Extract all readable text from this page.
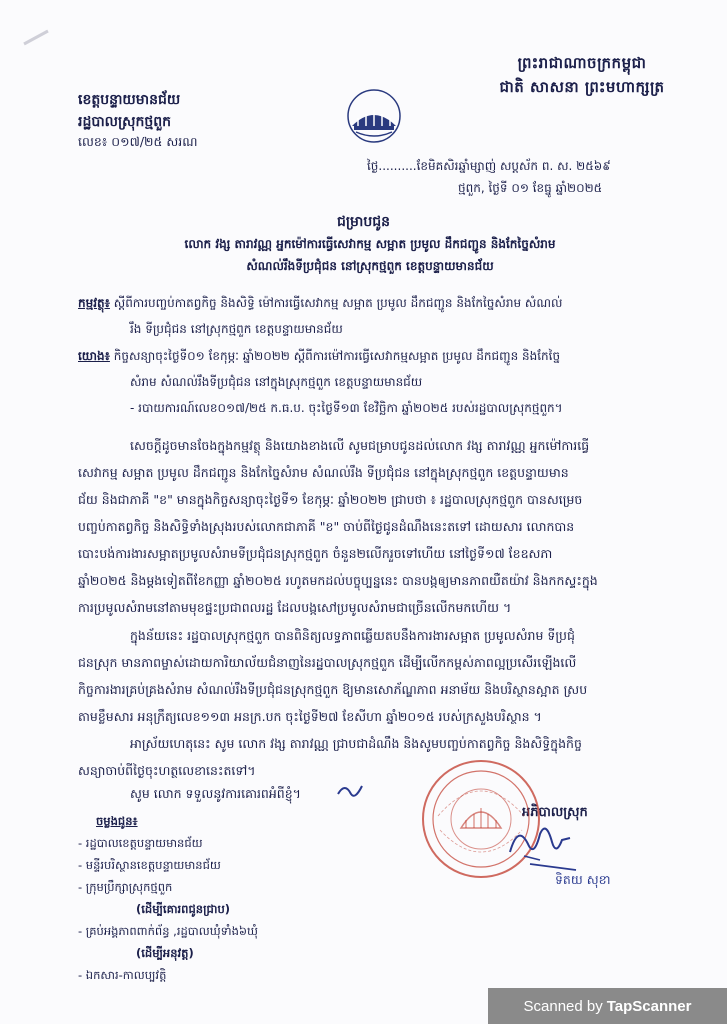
ព្រះរាជាណាចក្រកម្ពុជា
ជាតិ សាសនា ព្រះមហាក្សត្រ
ខេត្តបន្ទាយមានជ័យ
រដ្ឋបាលស្រុកថ្មពួក
លេខ៖ ០១៧/២៥ សរណ
ថ្ងៃ..........ខែមិគសិរឆ្នាំម្សាញ់ សប្តស័ក ព. ស. ២៥៦៩
ថ្មពួក, ថ្ងៃទី ០១ ខែធ្នូ ឆ្នាំ២០២៥
ជម្រាបជូន
លោក វង្ស តារាវណ្ណ អ្នកម៉ៅការធ្វើសេវាកម្ម សម្អាត ប្រមូល ដឹកជញ្ជូន និងកែច្នៃសំរាម
សំណល់រឹងទីប្រជុំជន នៅស្រុកថ្មពួក ខេត្តបន្ទាយមានជ័យ
កម្មវត្ថុ៖ ស្តីពីការបញ្ចប់កាតព្វកិច្ច និងសិទ្ធិ ម៉ៅការធ្វើសេវាកម្ម សម្អាត ប្រមូល ដឹកជញ្ជូន និងកែច្នៃសំរាម សំណល់
រឹង ទីប្រជុំជន នៅស្រុកថ្មពួក ខេត្តបន្ទាយមានជ័យ
យោង៖ កិច្ចសន្យាចុះថ្ងៃទី០១ ខែកុម្ភៈ ឆ្នាំ២០២២ ស្តីពីការម៉ៅការធ្វើសេវាកម្មសម្អាត ប្រមូល ដឹកជញ្ជូន និងកែច្នៃ
សំរាម សំណល់រឹងទីប្រជុំជន នៅក្នុងស្រុកថ្មពួក ខេត្តបន្ទាយមានជ័យ
- របាយការណ៍លេខ០១៧/២៥ ក.ធ.ប. ចុះថ្ងៃទី១៣ ខែវិច្ឆិកា ឆ្នាំ២០២៥ របស់រដ្ឋបាលស្រុកថ្មពួក។
សេចក្តីដូចមានចែងក្នុងកម្មវត្ថុ និងយោងខាងលើ សូមជម្រាបជូនដល់លោក វង្ស តារាវណ្ណ អ្នកម៉ៅការធ្វើ
សេវាកម្ម សម្អាត ប្រមូល ដឹកជញ្ជូន និងកែច្នៃសំរាម សំណល់រឹង ទីប្រជុំជន នៅក្នុងស្រុកថ្មពួក ខេត្តបន្ទាយមាន
ជ័យ និងជាភាគី "ខ" មានក្នុងកិច្ចសន្យាចុះថ្ងៃទី១ ខែកុម្ភៈ ឆ្នាំ២០២២ ជ្រាបថា ៖ រដ្ឋបាលស្រុកថ្មពួក បានសម្រេច
បញ្ចប់កាតព្វកិច្ច និងសិទ្ធិទាំងស្រុងរបស់លោកជាភាគី "ខ" ចាប់ពីថ្ងៃជូនដំណឹងនេះតទៅ ដោយសារ លោកបាន
បោះបង់ការងារសម្អាតប្រមូលសំរាមទីប្រជុំជនស្រុកថ្មពួក ចំនួន២លើករួចទៅហើយ នៅថ្ងៃទី១៧ ខែឧសភា
ឆ្នាំ២០២៥ និងម្តងទៀតពីខែកញ្ញា ឆ្នាំ២០២៥ រហូតមកដល់បច្ចុប្បន្ននេះ បានបង្កឲ្យមានភាពយឺតយ៉ាវ និងកកស្ទះក្នុង
ការប្រមូលសំរាមនៅតាមមុខផ្ទះប្រជាពលរដ្ឋ ដែលបង្កសៅប្រមូលសំរាមជាច្រើនលើកមកហើយ ។
ក្នុងន័យនេះ រដ្ឋបាលស្រុកថ្មពួក បានពិនិត្យលទ្ធភាពឆ្លើយតបនឹងការងារសម្អាត ប្រមូលសំរាម ទីប្រជុំ
ជនស្រុក មានភាពម្ចាស់ដោយការិយាល័យជំនាញនៃរដ្ឋបាលស្រុកថ្មពួក ដើម្បីលើកកម្ពស់ភាពល្អប្រសើរឡើងលើ
កិច្ចការងារគ្រប់គ្រងសំរាម សំណល់រឹងទីប្រជុំជនស្រុកថ្មពួក ឱ្យមានសោភ័ណ្ឌភាព អនាម័យ និងបរិស្ថានស្អាត ស្រប
តាមខ្លឹមសារ អនុក្រឹត្យលេខ១១៣ អនក្រ.បក ចុះថ្ងៃទី២៧ ខែសីហា ឆ្នាំ២០១៥ របស់ក្រសួងបរិស្ថាន ។
អាស្រ័យហេតុនេះ សូម លោក វង្ស តារាវណ្ណ ជ្រាបជាដំណឹង និងសូមបញ្ចប់កាតព្វកិច្ច និងសិទ្ធិក្នុងកិច្ច
សន្យាចាប់ពីថ្ងៃចុះហត្ថលេខានេះតទៅ។
សូម លោក ទទួលនូវការគោរពអំពីខ្ញុំ។
អភិបាលស្រុក
ទិតយ សុខា
ចម្លងជូន៖
- រដ្ឋបាលខេត្តបន្ទាយមានជ័យ
- មន្ទីរបរិស្ថានខេត្តបន្ទាយមានជ័យ
- ក្រុមប្រឹក្សាស្រុកថ្មពួក
(ដើម្បីគោរពជូនជ្រាប)
- គ្រប់អង្គភាពពាក់ព័ន្ធ ,រដ្ឋបាលឃុំទាំង៦ឃុំ
(ដើម្បីអនុវត្ត)
- ឯកសារ-កាលប្បវត្តិ
Scanned by TapScanner
